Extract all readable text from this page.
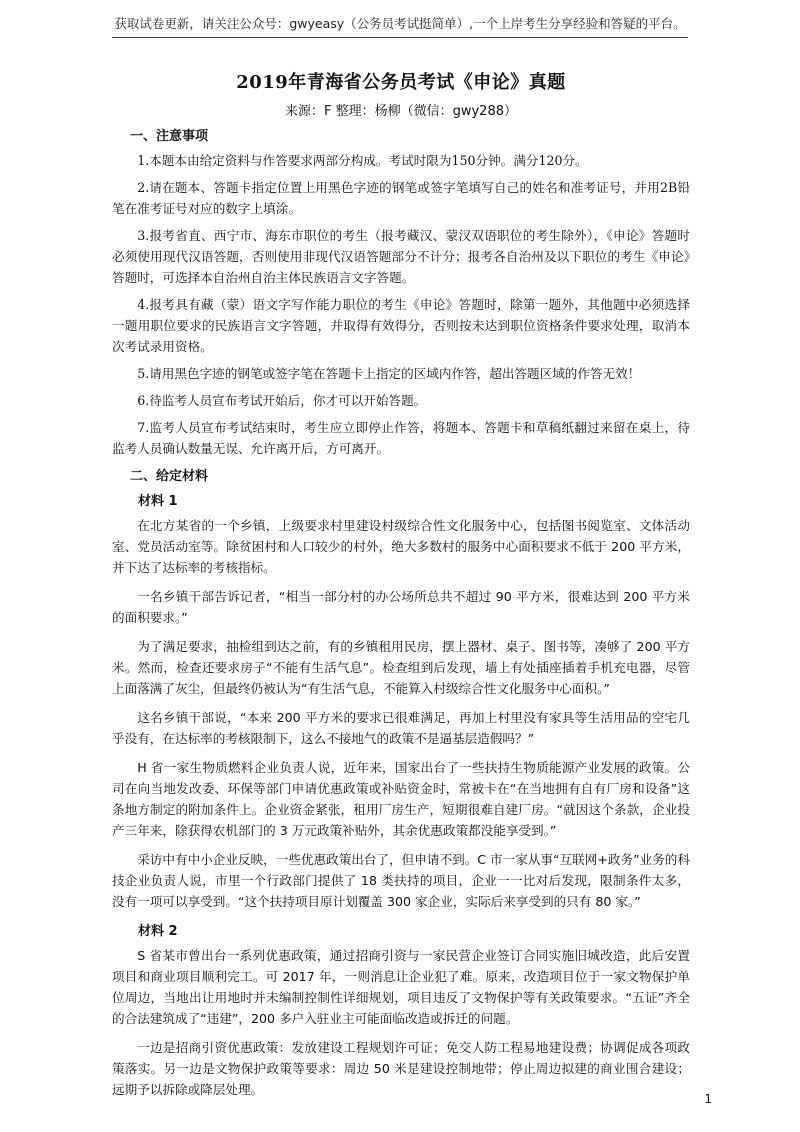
获取试卷更新，请关注公众号：gwyeasy（公务员考试挺简单）,一个上岸考生分享经验和答疑的平台。
2019年青海省公务员考试《申论》真题
来源：F 整理：杨柳（微信：gwy288）
一、注意事项

1.本题本由给定资料与作答要求两部分构成。考试时限为150分钟。满分120分。

2.请在题本、答题卡指定位置上用黑色字迹的钢笔或签字笔填写自己的姓名和准考证号，并用2B铅笔在准考证号对应的数字上填涂。

3.报考省直、西宁市、海东市职位的考生（报考藏汉、蒙汉双语职位的考生除外），《申论》答题时必须使用现代汉语答题，否则使用非现代汉语答题部分不计分；报考各自治州及以下职位的考生《申论》答题时，可选择本自治州自治主体民族语言文字答题。

4.报考具有藏（蒙）语文字写作能力职位的考生《申论》答题时，除第一题外，其他题中必须选择一题用职位要求的民族语言文字答题，并取得有效得分，否则按未达到职位资格条件要求处理，取消本次考试录用资格。

5.请用黑色字迹的钢笔或签字笔在答题卡上指定的区域内作答，超出答题区域的作答无效！

6.待监考人员宣布考试开始后，你才可以开始答题。

7.监考人员宣布考试结束时，考生应立即停止作答，将题本、答题卡和草稿纸翻过来留在桌上，待监考人员确认数量无误、允许离开后，方可离开。

二、给定材料
材料 1

在北方某省的一个乡镇，上级要求村里建设村级综合性文化服务中心，包括图书阅览室、文体活动室、党员活动室等。除贫困村和人口较少的村外，绝大多数村的服务中心面积要求不低于 200 平方米，并下达了达标率的考核指标。

一名乡镇干部告诉记者，“相当一部分村的办公场所总共不超过 90 平方米，很难达到 200 平方米的面积要求。”

为了满足要求，抽检组到达之前，有的乡镇租用民房，摆上器材、桌子、图书等，凑够了 200 平方米。然而，检查还要求房子“不能有生活气息”。检查组到后发现，墙上有处插座插着手机充电器，尽管上面落满了灰尘，但最终仍被认为“有生活气息，不能算入村级综合性文化服务中心面积。”

这名乡镇干部说，“本来 200 平方米的要求已很难满足，再加上村里没有家具等生活用品的空宅几乎没有，在达标率的考核限制下，这么不接地气的政策不是逼基层造假吗？”

H 省一家生物质燃料企业负责人说，近年来，国家出台了一些扶持生物质能源产业发展的政策。公司在向当地发改委、环保等部门申请优惠政策或补贴资金时，常被卡在“在当地拥有自有厂房和设备”这条地方制定的附加条件上。企业资金紧张，租用厂房生产，短期很难自建厂房。“就因这个条款，企业投产三年来，除获得农机部门的 3 万元政策补贴外，其余优惠政策都没能享受到。”

采访中有中小企业反映，一些优惠政策出台了，但申请不到。C 市一家从事“互联网+政务”业务的科技企业负责人说，市里一个行政部门提供了 18 类扶持的项目，企业一一比对后发现，限制条件太多，没有一项可以享受到。“这个扶持项目原计划覆盖 300 家企业，实际后来享受到的只有 80 家。”

材料 2

S 省某市曾出台一系列优惠政策，通过招商引资与一家民营企业签订合同实施旧城改造，此后安置项目和商业项目顺利完工。可 2017 年，一则消息让企业犯了难。原来，改造项目位于一家文物保护单位周边，当地出让用地时并未编制控制性详细规划，项目违反了文物保护等有关政策要求。“五证”齐全的合法建筑成了“违建”，200 多户入驻业主可能面临改造或拆迁的问题。

一边是招商引资优惠政策：发放建设工程规划许可证；免交人防工程易地建设费；协调促成各项政策落实。另一边是文物保护政策等要求：周边 50 米是建设控制地带；停止周边拟建的商业围合建设；远期予以拆除或降层处理。

1
